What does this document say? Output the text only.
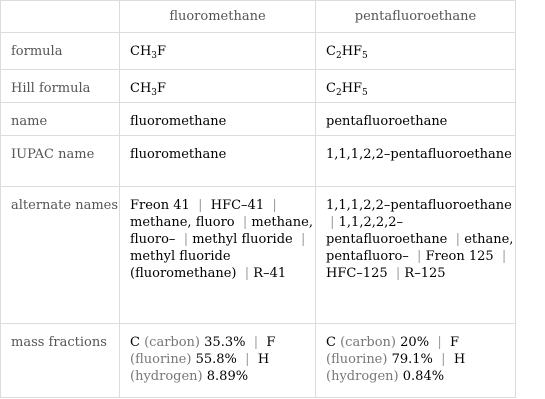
	fluoromethane	pentafluoroethane
formula	$CH_3F$	$C_2HF_5$
Hill formula	$CH_3F$	$C_2HF_5$
name	fluoromethane	pentafluoroethane
IUPAC name	fluoromethane	1,1,1,2,2–pentafluoroethane
alternate names	Freon 41  |  HFC–41  | methane, fluoro  | methane, fluoro–  | methyl fluoride  | methyl fluoride (fluoromethane)  | R–41	1,1,1,2,2–pentafluoroethane  | 1,1,2,2,2–pentafluoroethane  | ethane, pentafluoro–  | Freon 125  |  HFC–125  | R–125
mass fractions	C (carbon) 35.3%  |  F (fluorine) 55.8%  |  H (hydrogen) 8.89%	C (carbon) 20%  |  F (fluorine) 79.1%  |  H (hydrogen) 0.84%
